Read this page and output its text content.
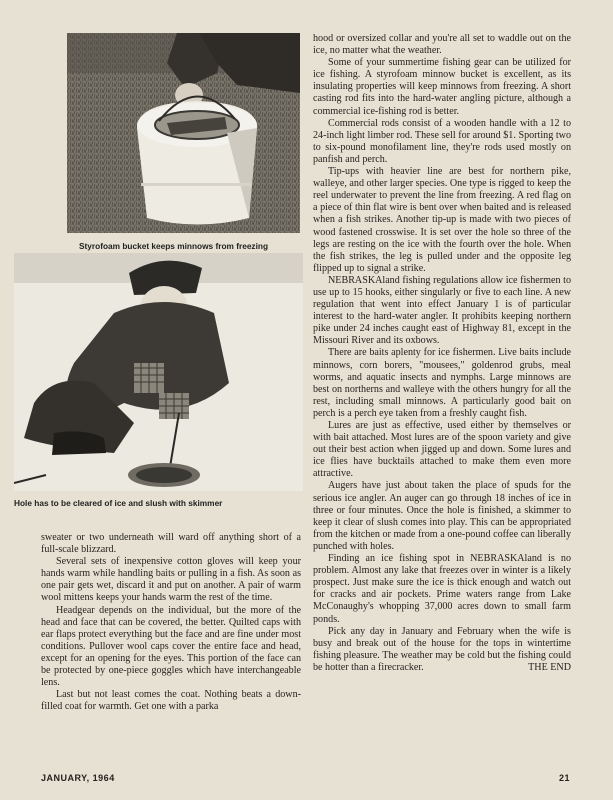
Styrofoam bucket keeps minnows from freezing
Hole has to be cleared of ice and slush with skimmer

sweater or two underneath will ward off anything short of a full-scale blizzard.

Several sets of inexpensive cotton gloves will keep your hands warm while handling baits or pulling in a fish. As soon as one pair gets wet, discard it and put on another. A pair of warm wool mittens keeps your hands warm the rest of the time.

Headgear depends on the individual, but the more of the head and face that can be covered, the better. Quilted caps with ear flaps protect everything but the face and are fine under most conditions. Pullover wool caps cover the entire face and head, except for an opening for the eyes. This portion of the face can be protected by one-piece goggles which have interchangeable lens.

Last but not least comes the coat. Nothing beats a down-filled coat for warmth. Get one with a parka

hood or oversized collar and you're all set to waddle out on the ice, no matter what the weather.

Some of your summertime fishing gear can be utilized for ice fishing. A styrofoam minnow bucket is excellent, as its insulating properties will keep minnows from freezing. A short casting rod fits into the hard-water angling picture, although a commercial ice-fishing rod is better.

Commercial rods consist of a wooden handle with a 12 to 24-inch light limber rod. These sell for around $1. Sporting two to six-pound monofilament line, they're rods used mostly on panfish and perch.

Tip-ups with heavier line are best for northern pike, walleye, and other larger species. One type is rigged to keep the reel underwater to prevent the line from freezing. A red flag on a piece of thin flat wire is bent over when baited and is released when a fish strikes. Another tip-up is made with two pieces of wood fastened crosswise. It is set over the hole so three of the legs are resting on the ice with the fourth over the hole. When the fish strikes, the leg is pulled under and the opposite leg flipped up to signal a strike.

NEBRASKAland fishing regulations allow ice fishermen to use up to 15 hooks, either singularly or five to each line. A new regulation that went into effect January 1 is of particular interest to the hard-water angler. It prohibits keeping northern pike under 24 inches caught east of Highway 81, except in the Missouri River and its oxbows.

There are baits aplenty for ice fishermen. Live baits include minnows, corn borers, "mousees," goldenrod grubs, meal worms, and aquatic insects and nymphs. Large minnows are best on northerns and walleye with the others hungry for all the rest, including small minnows. A particularly good bait on perch is a perch eye taken from a freshly caught fish.

Lures are just as effective, used either by themselves or with bait attached. Most lures are of the spoon variety and give out their best action when jigged up and down. Some lures and ice flies have bucktails attached to make them even more attractive.

Augers have just about taken the place of spuds for the serious ice angler. An auger can go through 18 inches of ice in three or four minutes. Once the hole is finished, a skimmer to keep it clear of slush comes into play. This can be appropriated from the kitchen or made from a one-pound coffee can liberally punched with holes.

Finding an ice fishing spot in NEBRASKAland is no problem. Almost any lake that freezes over in winter is a likely prospect. Just make sure the ice is thick enough and watch out for cracks and air pockets. Prime waters range from Lake McConaughy's whopping 37,000 acres down to small farm ponds.

Pick any day in January and February when the wife is busy and break out of the house for the tops in wintertime fishing pleasure. The weather may be cold but the fishing could be hotter than a firecracker.	THE END

JANUARY, 1964	21
